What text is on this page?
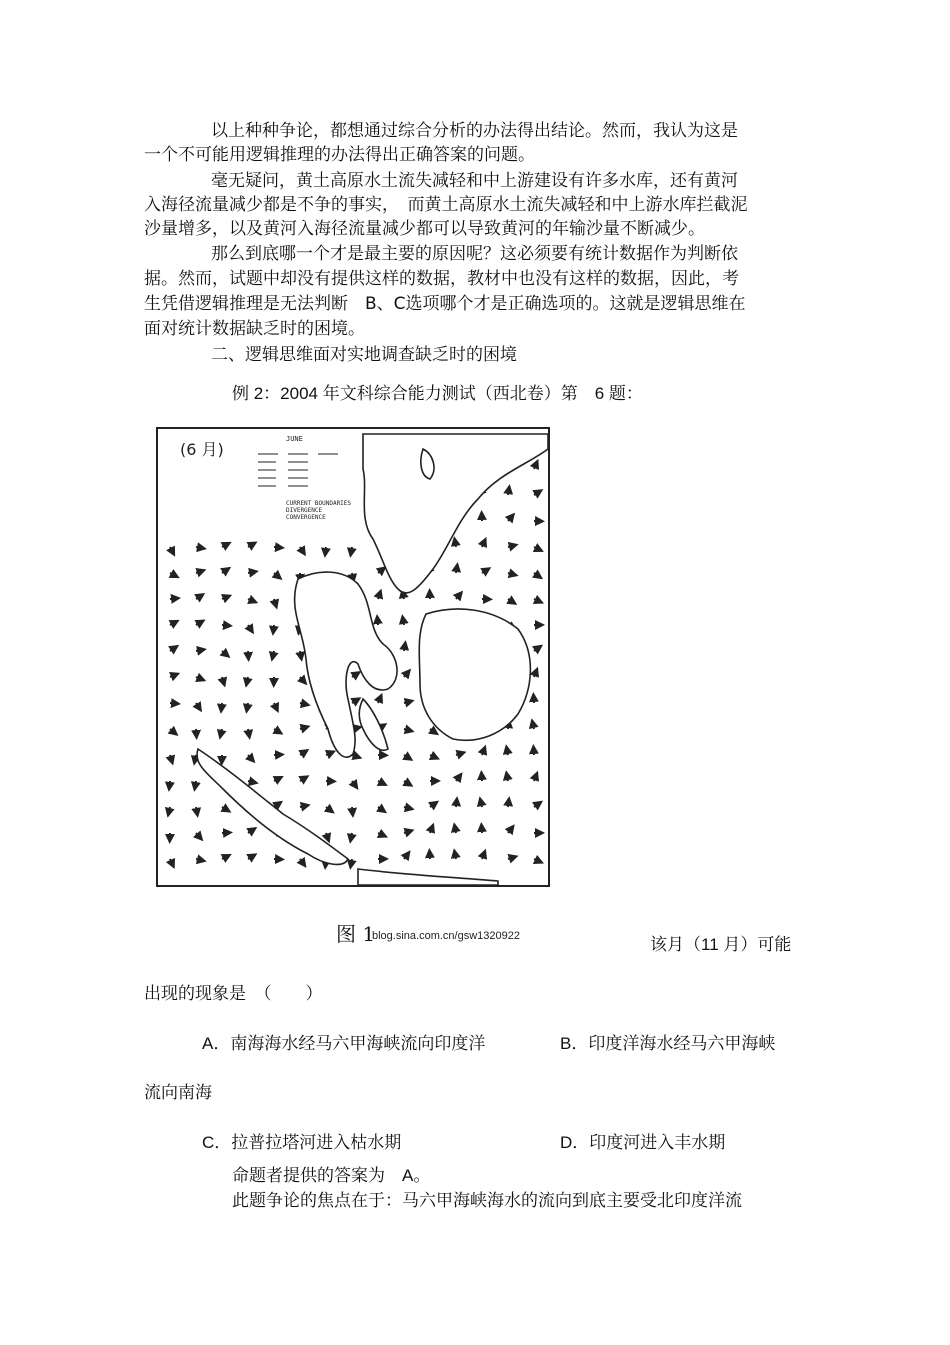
以上种种争论，都想通过综合分析的办法得出结论。然而，我认为这是
一个不可能用逻辑推理的办法得出正确答案的问题。
毫无疑问，黄土高原水土流失减轻和中上游建设有许多水库，还有黄河
入海径流量减少都是不争的事实，　而黄土高原水土流失减轻和中上游水库拦截泥
沙量增多，以及黄河入海径流量减少都可以导致黄河的年输沙量不断减少。
那么到底哪一个才是最主要的原因呢？这必须要有统计数据作为判断依
据。然而，试题中却没有提供这样的数据，教材中也没有这样的数据，因此，考
生凭借逻辑推理是无法判断　B、C选项哪个才是正确选项的。这就是逻辑思维在
面对统计数据缺乏时的困境。
二、逻辑思维面对实地调查缺乏时的困境
例 2：2004 年文科综合能力测试（西北卷）第　6 题：
(6 月)
JUNE
CURRENT BOUNDARIES
DIVERGENCE
CONVERGENCE
图 1
blog.sina.com.cn/gsw1320922	该月（11 月）可能
出现的现象是　（　　）
A．南海海水经马六甲海峡流向印度洋	B．印度洋海水经马六甲海峡
流向南海
C．拉普拉塔河进入枯水期	D．印度河进入丰水期
命题者提供的答案为　A。
此题争论的焦点在于：马六甲海峡海水的流向到底主要受北印度洋流
